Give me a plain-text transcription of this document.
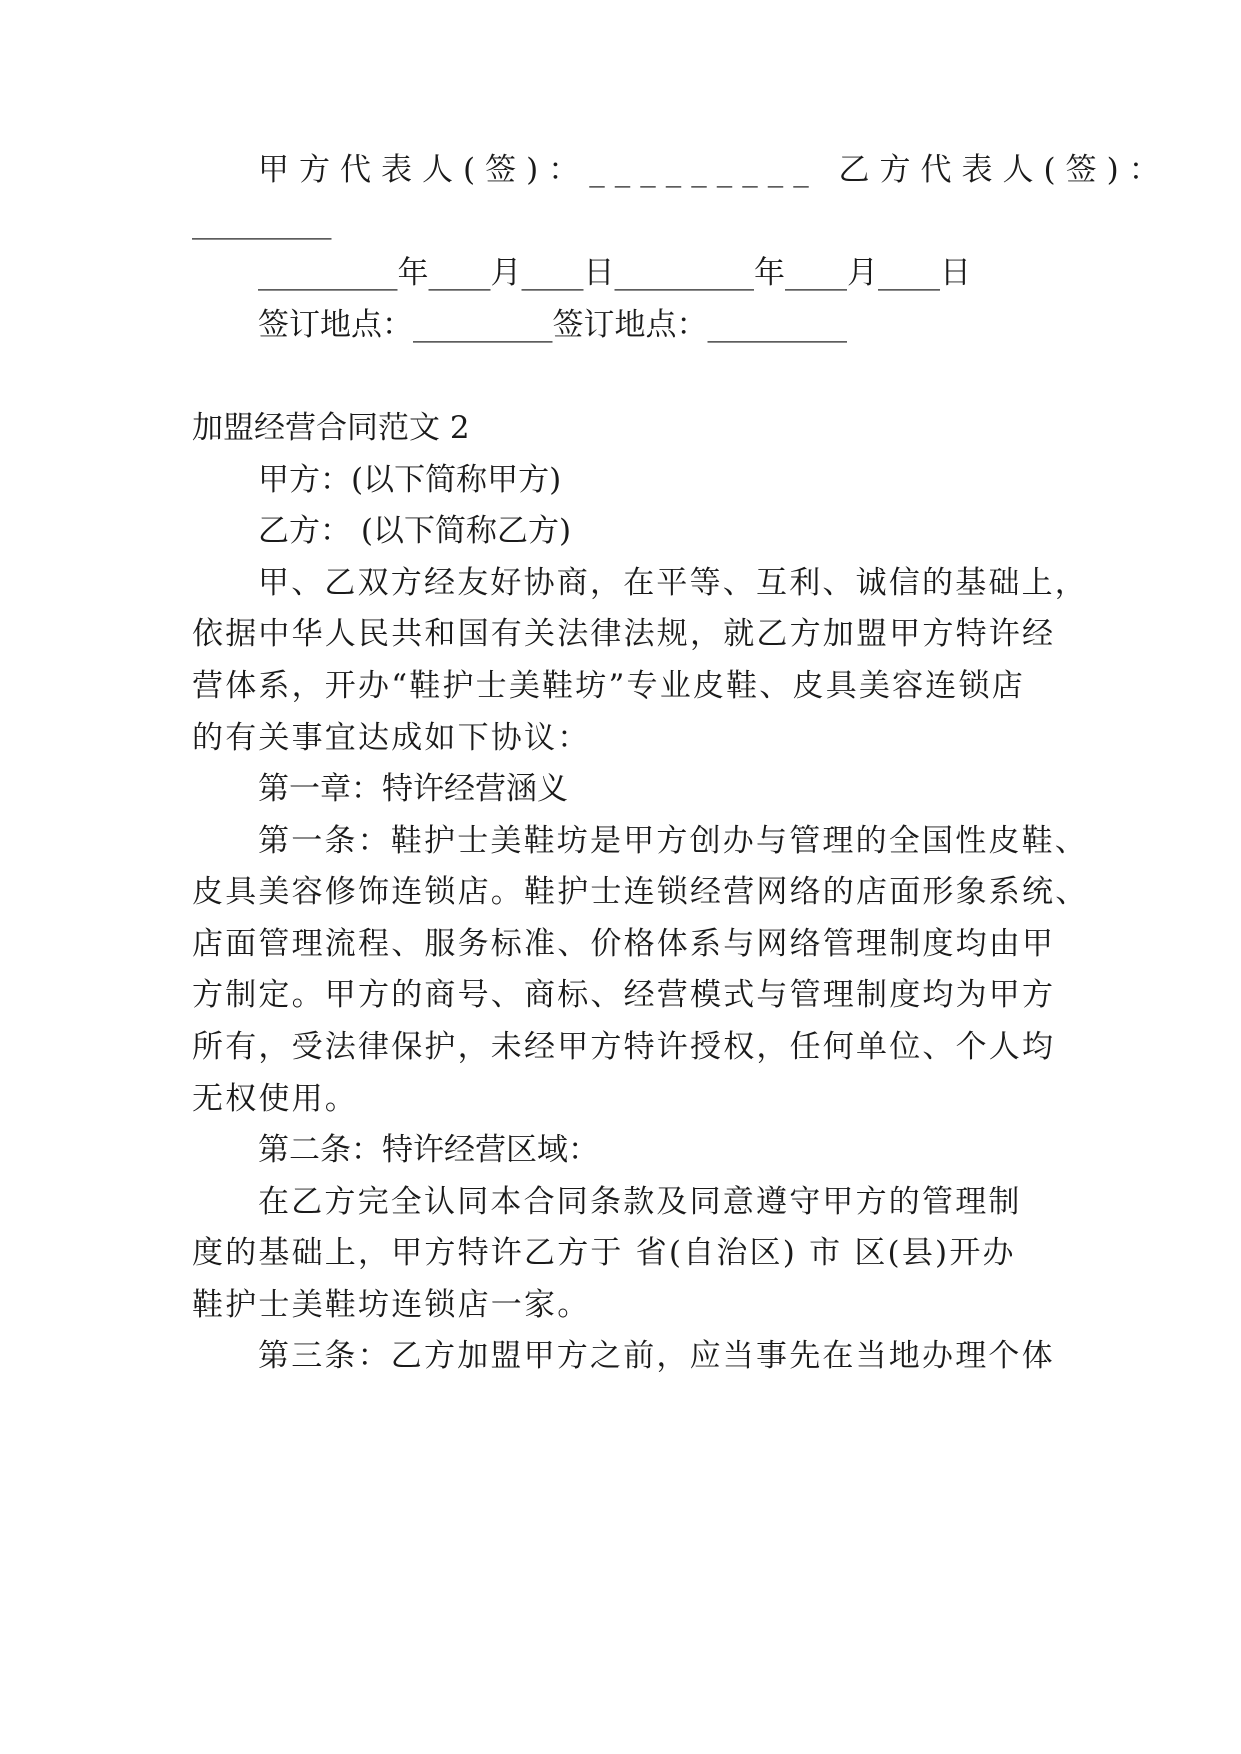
甲方代表人(签)：_________ 乙方代表人(签)：
_________
_________年____月____日_________年____月____日
签订地点：_________签订地点：_________
加盟经营合同范文 2
甲方：(以下简称甲方)
乙方： (以下简称乙方)
甲、乙双方经友好协商，在平等、互利、诚信的基础上，
依据中华人民共和国有关法律法规，就乙方加盟甲方特许经
营体系，开办“鞋护士美鞋坊”专业皮鞋、皮具美容连锁店
的有关事宜达成如下协议：
第一章：特许经营涵义
第一条：鞋护士美鞋坊是甲方创办与管理的全国性皮鞋、
皮具美容修饰连锁店。鞋护士连锁经营网络的店面形象系统、
店面管理流程、服务标准、价格体系与网络管理制度均由甲
方制定。甲方的商号、商标、经营模式与管理制度均为甲方
所有，受法律保护，未经甲方特许授权，任何单位、个人均
无权使用。
第二条：特许经营区域：
在乙方完全认同本合同条款及同意遵守甲方的管理制
度的基础上，甲方特许乙方于 省(自治区) 市 区(县)开办
鞋护士美鞋坊连锁店一家。
第三条：乙方加盟甲方之前，应当事先在当地办理个体
